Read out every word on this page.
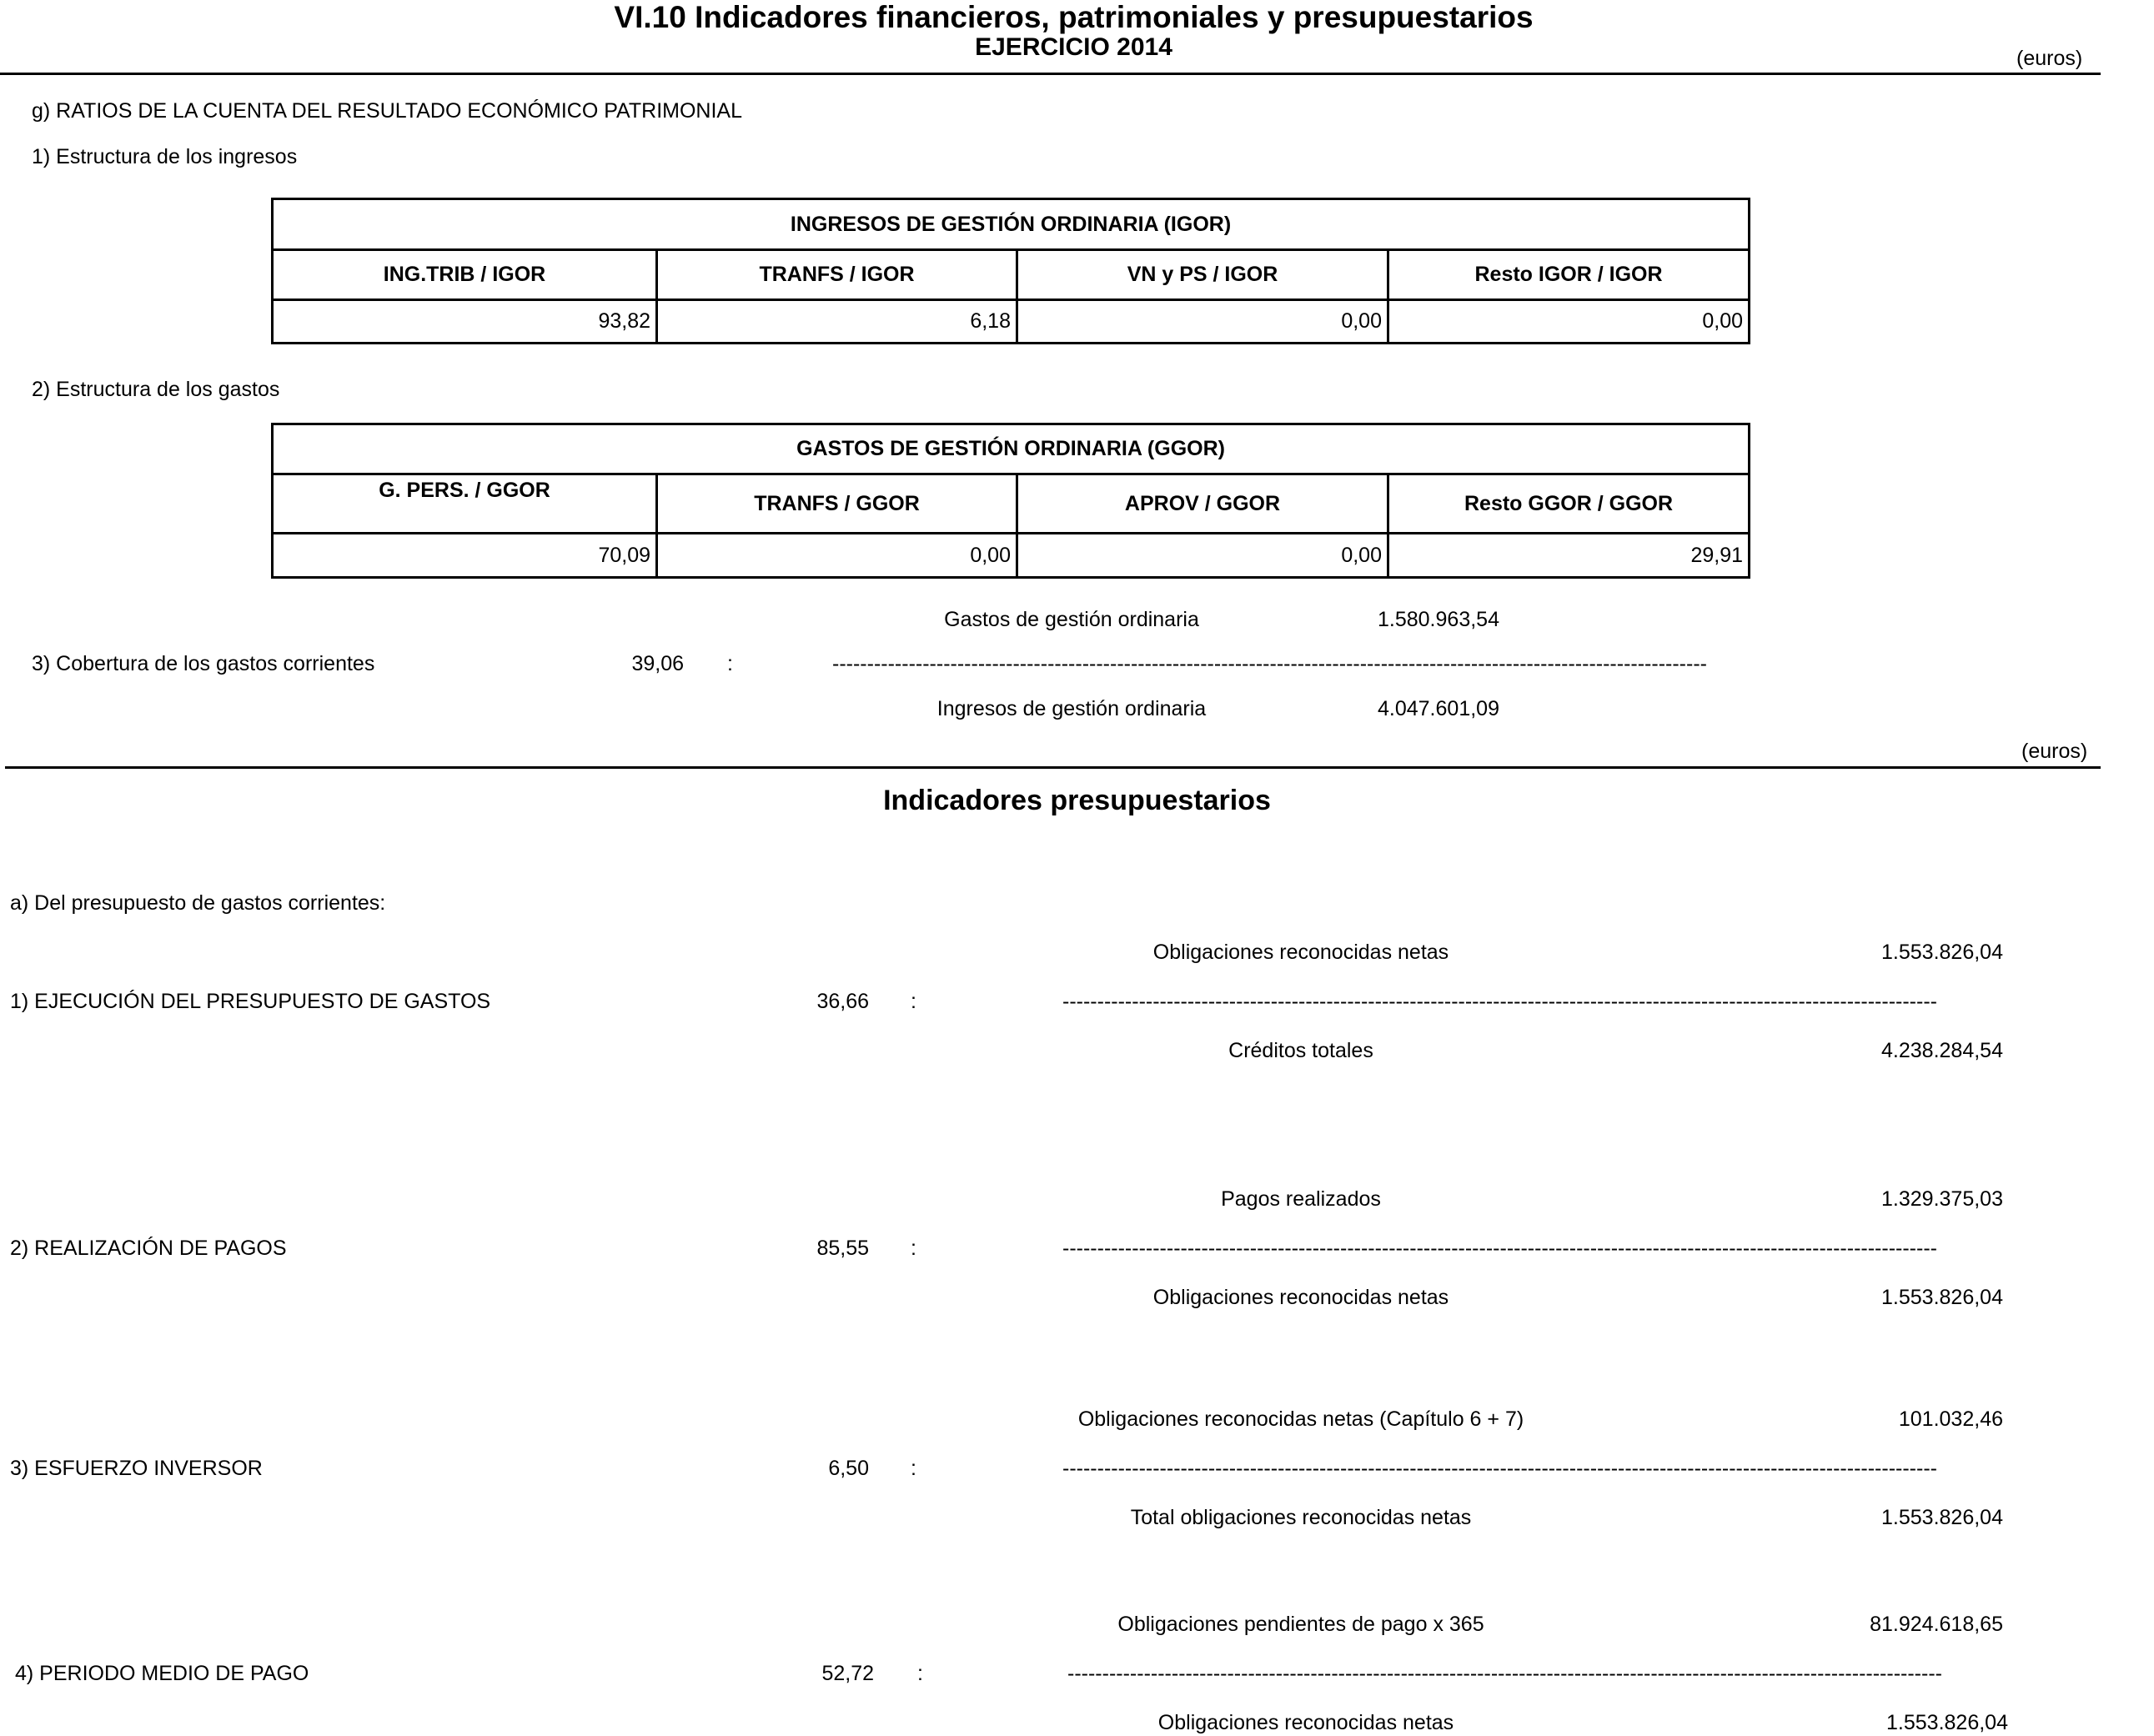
VI.10 Indicadores financieros, patrimoniales y presupuestarios
EJERCICIO 2014	(euros)
g) RATIOS DE LA CUENTA DEL RESULTADO ECONÓMICO PATRIMONIAL
1) Estructura de los ingresos
INGRESOS DE GESTIÓN ORDINARIA (IGOR)			
ING.TRIB / IGOR	TRANFS / IGOR	VN y PS / IGOR	Resto IGOR / IGOR
93,82	6,18	0,00	0,00
2) Estructura de los gastos
GASTOS DE GESTIÓN ORDINARIA (GGOR)			
G. PERS. / GGOR	TRANFS / GGOR	APROV / GGOR	Resto GGOR / GGOR
70,09	0,00	0,00	29,91
Gastos de gestión ordinaria	1.580.963,54
3) Cobertura de los gastos corrientes	39,06 :	------------------------------------------------------------------------------------------------------------------------------
Ingresos de gestión ordinaria	4.047.601,09
(euros)
Indicadores presupuestarios
a) Del presupuesto de gastos corrientes:
Obligaciones reconocidas netas	1.553.826,04
1) EJECUCIÓN DEL PRESUPUESTO DE GASTOS	36,66 :	------------------------------------------------------------------------------------------------------------------------------
Créditos totales	4.238.284,54
Pagos realizados	1.329.375,03
2) REALIZACIÓN DE PAGOS	85,55 :	------------------------------------------------------------------------------------------------------------------------------
Obligaciones reconocidas netas	1.553.826,04
Obligaciones reconocidas netas (Capítulo 6 + 7)	101.032,46
3) ESFUERZO INVERSOR	6,50 :	------------------------------------------------------------------------------------------------------------------------------
Total obligaciones reconocidas netas	1.553.826,04
Obligaciones pendientes de pago x 365	81.924.618,65
4) PERIODO MEDIO DE PAGO	52,72 :	------------------------------------------------------------------------------------------------------------------------------
Obligaciones reconocidas netas	1.553.826,04
